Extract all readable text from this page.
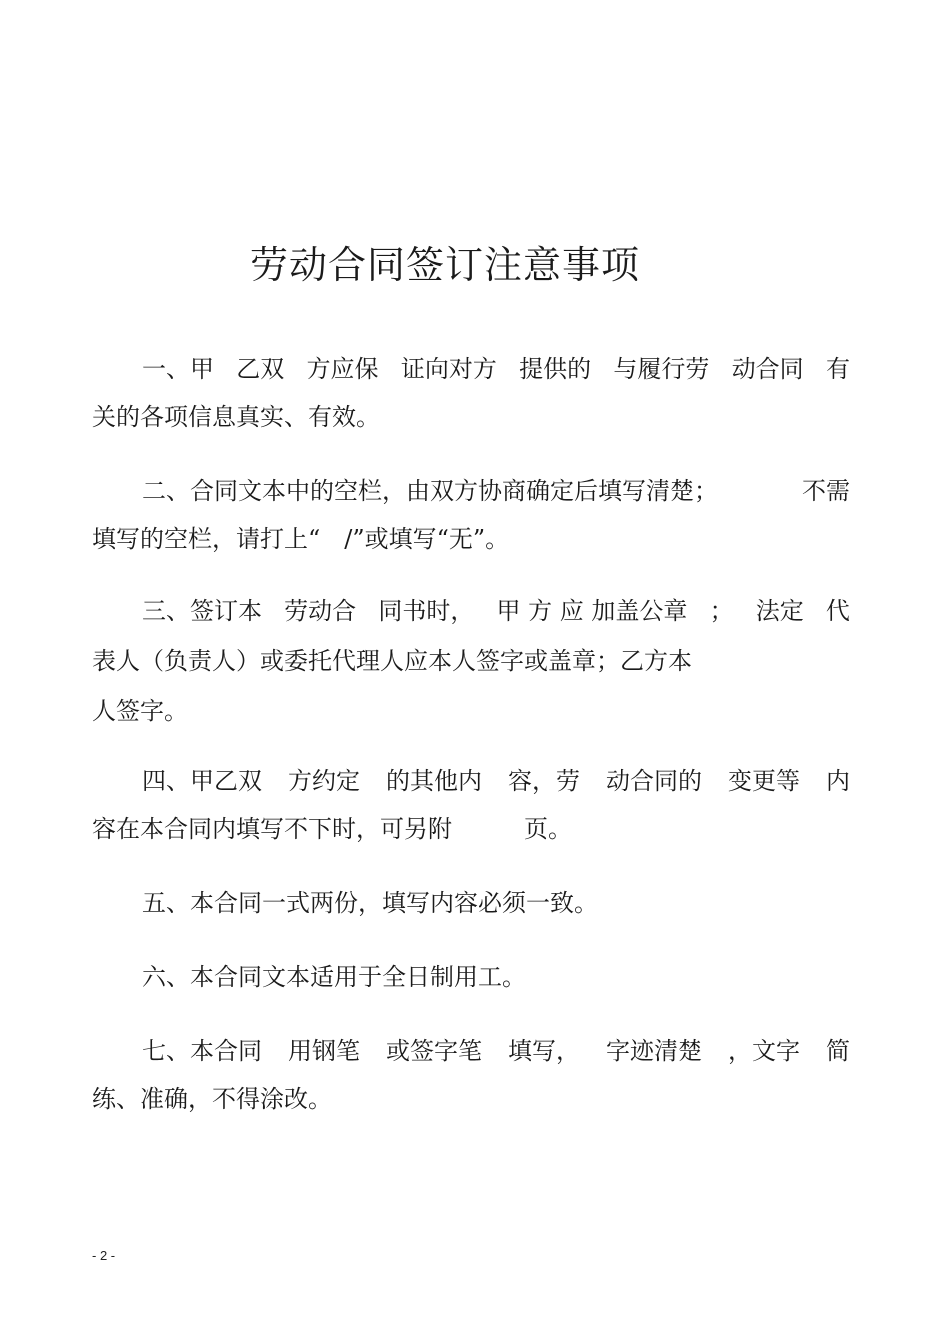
劳动合同签订注意事项
一、甲 乙双 方应保 证向对方 提供的 与履行劳 动合同 有
关的各项信息真实、有效。
二、合同文本中的空栏，由双方协商确定后填写清楚；	不需
填写的空栏，请打上“　/”或填写“无”。
三、签订本 劳动合 同书时， 甲 方 应 加盖公章 ； 法定 代
表人（负责人）或委托代理人应本人签字或盖章；乙方本
人签字。
四、甲乙双 方约定 的其他内 容，劳 动合同的 变更等 内
容在本合同内填写不下时，可另附　　　页。
五、本合同一式两份，填写内容必须一致。
六、本合同文本适用于全日制用工。
七、本合同 用钢笔 或签字笔 填写， 字迹清楚 ，文字 简
练、准确，不得涂改。
- 2 -
